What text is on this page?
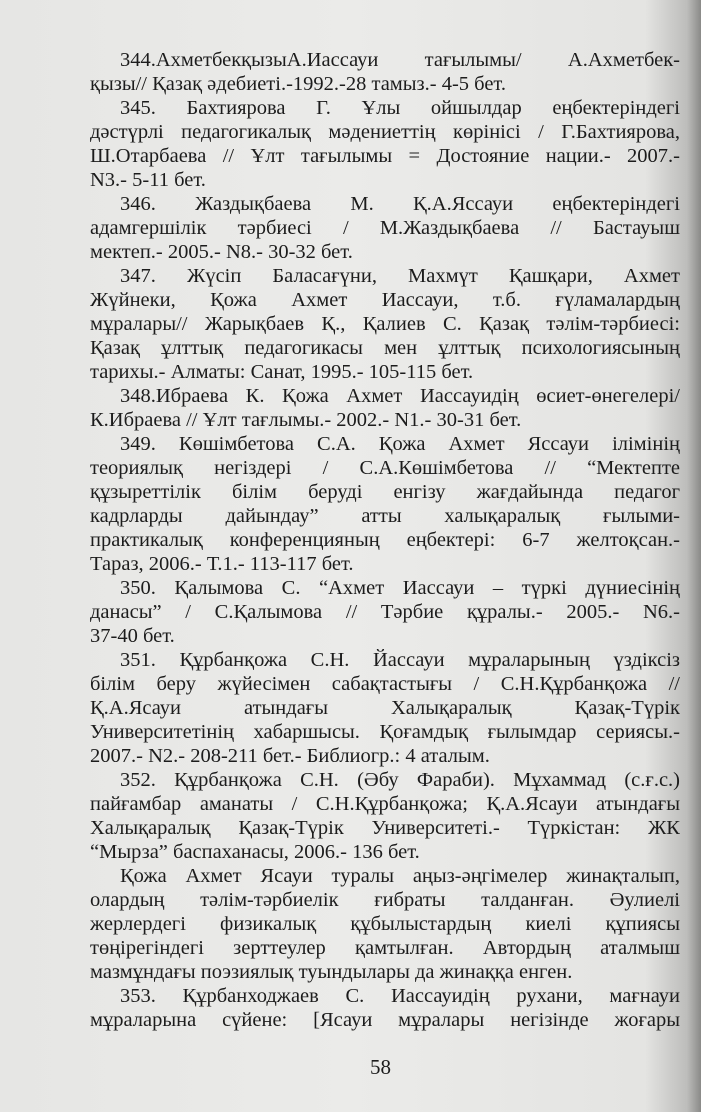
344.АхметбекқызыА.Иассауи тағылымы/ А.Ахметбек-
қызы// Қазақ әдебиеті.-1992.-28 тамыз.- 4-5 бет.
345. Бахтиярова Г. Ұлы ойшылдар еңбектеріндегі
дәстүрлі педагогикалық мәдениеттің көрінісі / Г.Бахтиярова,
Ш.Отарбаева // Ұлт тағылымы = Достояние нации.- 2007.-
N3.- 5-11 бет.
346. Жаздықбаева М. Қ.А.Яссауи еңбектеріндегі
адамгершілік тәрбиесі / М.Жаздықбаева // Бастауыш
мектеп.- 2005.- N8.- 30-32 бет.
347. Жүсіп Баласағүни, Махмүт Қашқари, Ахмет
Жүйнеки, Қожа Ахмет Иассауи, т.б. ғүламалардың
мұралары// Жарықбаев Қ., Қалиев С. Қазақ тәлім-тәрбиесі:
Қазақ ұлттық педагогикасы мен ұлттық психологиясының
тарихы.- Алматы: Санат, 1995.- 105-115 бет.
348.Ибраева К. Қожа Ахмет Иассауидің өсиет-өнегелері/
К.Ибраева // Ұлт тағлымы.- 2002.- N1.- 30-31 бет.
349. Көшімбетова С.А. Қожа Ахмет Яссауи ілімінің
теориялық негіздері / С.А.Көшімбетова // “Мектепте
құзыреттілік білім беруді енгізу жағдайында педагог
кадрларды дайындау” атты халықаралық ғылыми-
практикалық конференцияның еңбектері: 6-7 желтоқсан.-
Тараз, 2006.- Т.1.- 113-117 бет.
350. Қалымова С. “Ахмет Иассауи – түркі дүниесінің
данасы” / С.Қалымова // Тәрбие құралы.- 2005.- N6.-
37-40 бет.
351. Құрбанқожа С.Н. Йассауи мұраларының үздіксіз
білім беру жүйесімен сабақтастығы / С.Н.Құрбанқожа //
Қ.А.Ясауи атындағы Халықаралық Қазақ-Түрік
Университетінің хабаршысы. Қоғамдық ғылымдар сериясы.-
2007.- N2.- 208-211 бет.- Библиогр.: 4 аталым.
352. Құрбанқожа С.Н. (Әбу Фараби). Мұхаммад (с.ғ.с.)
пайғамбар аманаты / С.Н.Құрбанқожа; Қ.А.Ясауи атындағы
Халықаралық Қазақ-Түрік Университеті.- Түркістан: ЖК
“Мырза” баспаханасы, 2006.- 136 бет.
Қожа Ахмет Ясауи туралы аңыз-әңгімелер жинақталып,
олардың тәлім-тәрбиелік ғибраты талданған. Әулиелі
жерлердегі физикалық құбылыстардың киелі құпиясы
төңірегіндегі зерттеулер қамтылған. Автордың аталмыш
мазмұндағы поэзиялық туындылары да жинаққа енген.
353. Құрбанходжаев С. Иассауидің рухани, мағнауи
мұраларына сүйене: [Ясауи мұралары негізінде жоғары
58
